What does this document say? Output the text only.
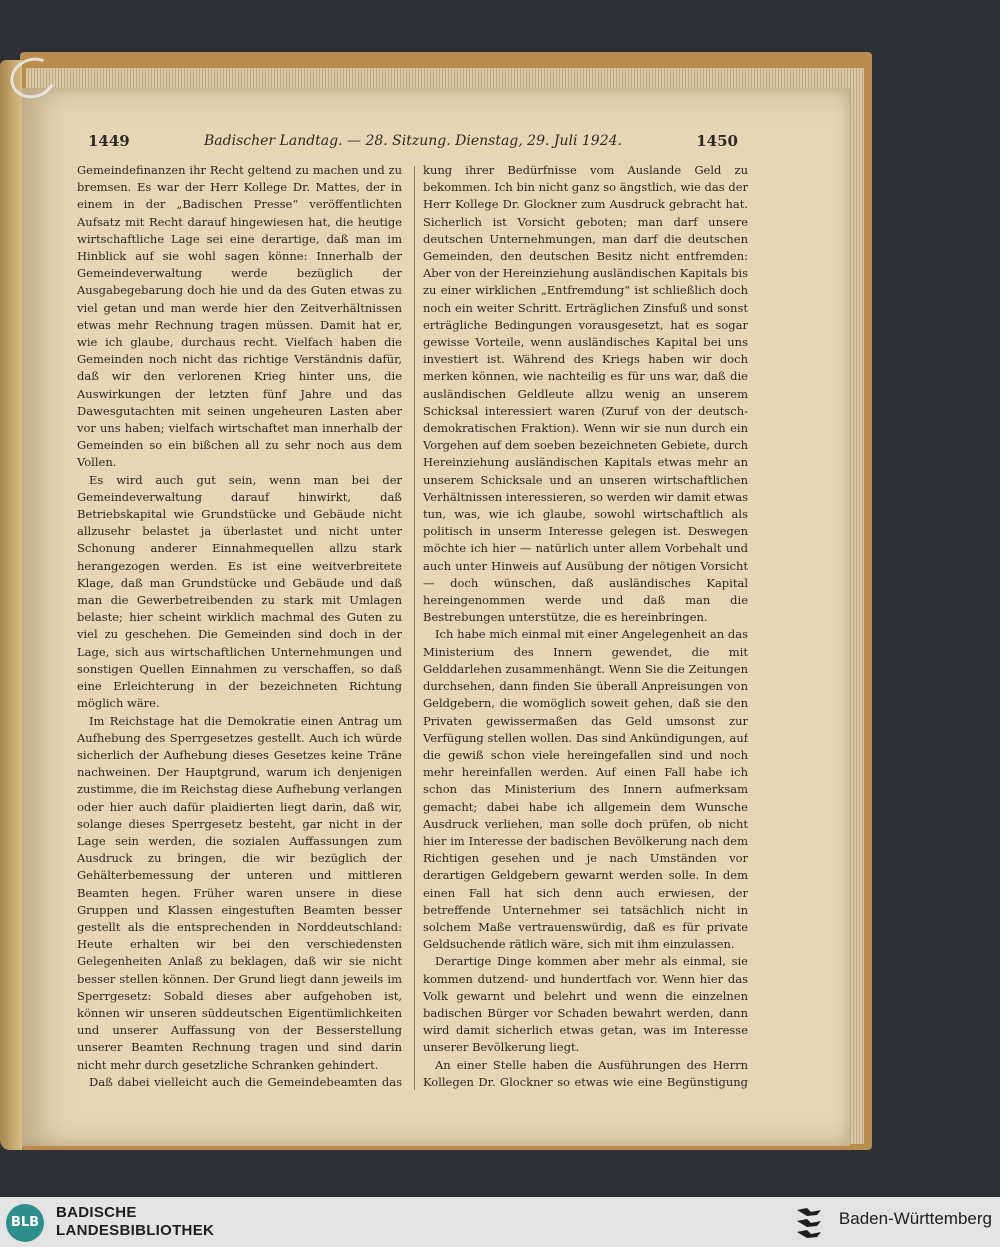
1449	Badischer Landtag. — 28. Sitzung. Dienstag, 29. Juli 1924.	1450

Gemeindefinanzen ihr Recht geltend zu machen und zu bremsen. Es war der Herr Kollege Dr. Mattes, der in einem in der „Badischen Presse“ veröffentlichten Aufsatz mit Recht darauf hingewiesen hat, die heutige wirtschaftliche Lage sei eine derartige, daß man im Hinblick auf sie wohl sagen könne: Innerhalb der Gemeindeverwaltung werde bezüglich der Ausgabegebarung doch hie und da des Guten etwas zu viel getan und man werde hier den Zeitverhältnissen etwas mehr Rechnung tragen müssen. Damit hat er, wie ich glaube, durchaus recht. Vielfach haben die Gemeinden noch nicht das richtige Verständnis dafür, daß wir den verlorenen Krieg hinter uns, die Auswirkungen der letzten fünf Jahre und das Dawesgutachten mit seinen ungeheuren Lasten aber vor uns haben; vielfach wirtschaftet man innerhalb der Gemeinden so ein bißchen all zu sehr noch aus dem Vollen.

Es wird auch gut sein, wenn man bei der Gemeindeverwaltung darauf hinwirkt, daß Betriebskapital wie Grundstücke und Gebäude nicht allzusehr belastet ja überlastet und nicht unter Schonung anderer Einnahmequellen allzu stark herangezogen werden. Es ist eine weitverbreitete Klage, daß man Grundstücke und Gebäude und daß man die Gewerbetreibenden zu stark mit Umlagen belaste; hier scheint wirklich machmal des Guten zu viel zu geschehen. Die Gemeinden sind doch in der Lage, sich aus wirtschaftlichen Unternehmungen und sonstigen Quellen Einnahmen zu verschaffen, so daß eine Erleichterung in der bezeichneten Richtung möglich wäre.

Im Reichstage hat die Demokratie einen Antrag um Aufhebung des Sperrgesetzes gestellt. Auch ich würde sicherlich der Aufhebung dieses Gesetzes keine Träne nachweinen. Der Hauptgrund, warum ich denjenigen zustimme, die im Reichstag diese Aufhebung verlangen oder hier auch dafür plaidierten liegt darin, daß wir, solange dieses Sperrgesetz besteht, gar nicht in der Lage sein werden, die sozialen Auffassungen zum Ausdruck zu bringen, die wir bezüglich der Gehälterbemessung der unteren und mittleren Beamten hegen. Früher waren unsere in diese Gruppen und Klassen eingestuften Beamten besser gestellt als die entsprechenden in Norddeutschland: Heute erhalten wir bei den verschiedensten Gelegenheiten Anlaß zu beklagen, daß wir sie nicht besser stellen können. Der Grund liegt dann jeweils im Sperrgesetz: Sobald dieses aber aufgehoben ist, können wir unseren süddeutschen Eigentümlichkeiten und unserer Auffassung von der Besserstellung unserer Beamten Rechnung tragen und sind darin nicht mehr durch gesetzliche Schranken gehindert.

Daß dabei vielleicht auch die Gemeindebeamten das

kung ihrer Bedürfnisse vom Auslande Geld zu bekommen. Ich bin nicht ganz so ängstlich, wie das der Herr Kollege Dr. Glockner zum Ausdruck gebracht hat. Sicherlich ist Vorsicht geboten; man darf unsere deutschen Unternehmungen, man darf die deutschen Gemeinden, den deutschen Besitz nicht entfremden: Aber von der Hereinziehung ausländischen Kapitals bis zu einer wirklichen „Entfremdung“ ist schließlich doch noch ein weiter Schritt. Erträglichen Zinsfuß und sonst erträgliche Bedingungen vorausgesetzt, hat es sogar gewisse Vorteile, wenn ausländisches Kapital bei uns investiert ist. Während des Kriegs haben wir doch merken können, wie nachteilig es für uns war, daß die ausländischen Geldleute allzu wenig an unserem Schicksal interessiert waren (Zuruf von der deutsch-demokratischen Fraktion). Wenn wir sie nun durch ein Vorgehen auf dem soeben bezeichneten Gebiete, durch Hereinziehung ausländischen Kapitals etwas mehr an unserem Schicksale und an unseren wirtschaftlichen Verhältnissen interessieren, so werden wir damit etwas tun, was, wie ich glaube, sowohl wirtschaftlich als politisch in unserm Interesse gelegen ist. Deswegen möchte ich hier — natürlich unter allem Vorbehalt und auch unter Hinweis auf Ausübung der nötigen Vorsicht — doch wünschen, daß ausländisches Kapital hereingenommen werde und daß man die Bestrebungen unterstütze, die es hereinbringen.

Ich habe mich einmal mit einer Angelegenheit an das Ministerium des Innern gewendet, die mit Gelddarlehen zusammenhängt. Wenn Sie die Zeitungen durchsehen, dann finden Sie überall Anpreisungen von Geldgebern, die womöglich soweit gehen, daß sie den Privaten gewissermaßen das Geld umsonst zur Verfügung stellen wollen. Das sind Ankündigungen, auf die gewiß schon viele hereingefallen sind und noch mehr hereinfallen werden. Auf einen Fall habe ich schon das Ministerium des Innern aufmerksam gemacht; dabei habe ich allgemein dem Wunsche Ausdruck verliehen, man solle doch prüfen, ob nicht hier im Interesse der badischen Bevölkerung nach dem Richtigen gesehen und je nach Umständen vor derartigen Geldgebern gewarnt werden solle. In dem einen Fall hat sich denn auch erwiesen, der betreffende Unternehmer sei tatsächlich nicht in solchem Maße vertrauenswürdig, daß es für private Geldsuchende rätlich wäre, sich mit ihm einzulassen.

Derartige Dinge kommen aber mehr als einmal, sie kommen dutzend- und hundertfach vor. Wenn hier das Volk gewarnt und belehrt und wenn die einzelnen badischen Bürger vor Schaden bewahrt werden, dann wird damit sicherlich etwas getan, was im Interesse unserer Bevölkerung liegt.

An einer Stelle haben die Ausführungen des Herrn Kollegen Dr. Glockner so etwas wie eine Begünstigung

BLB
BADISCHE
LANDESBIBLIOTHEK
Baden-Württemberg
